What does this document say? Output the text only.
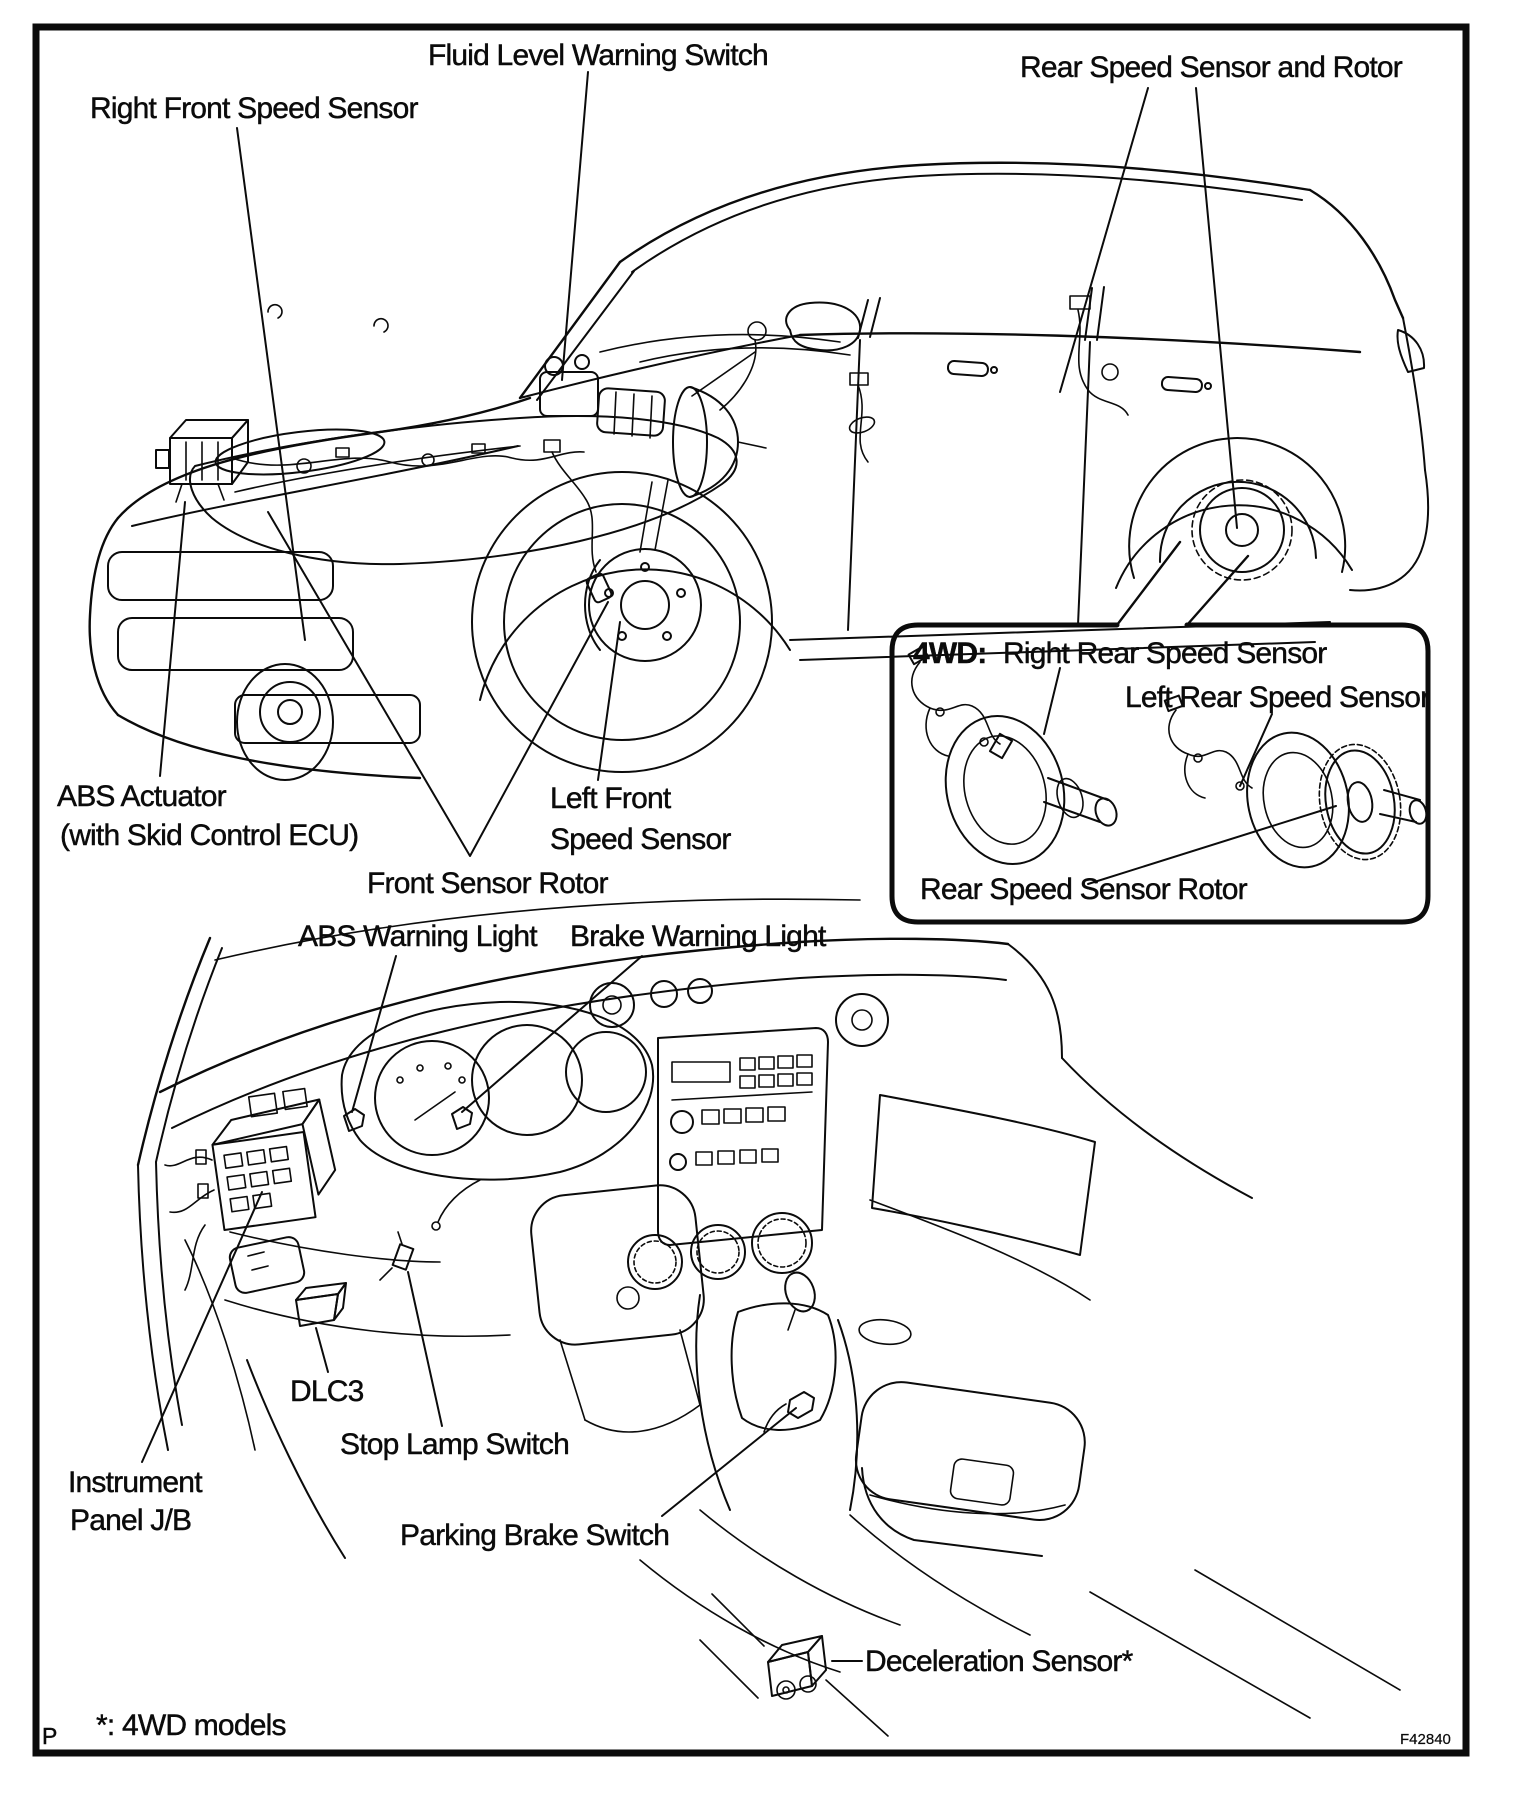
Fluid Level Warning Switch
Right Front Speed Sensor
Rear Speed Sensor and Rotor
ABS Actuator
(with Skid Control ECU)
Left Front
Speed Sensor
Front Sensor Rotor
4WD: Right Rear Speed Sensor
Left Rear Speed Sensor
Rear Speed Sensor Rotor
ABS Warning Light Brake Warning Light
DLC3
Stop Lamp Switch
Instrument
Panel J/B	Parking Brake Switch
Deceleration Sensor*
*: 4WD models
P	F42840
